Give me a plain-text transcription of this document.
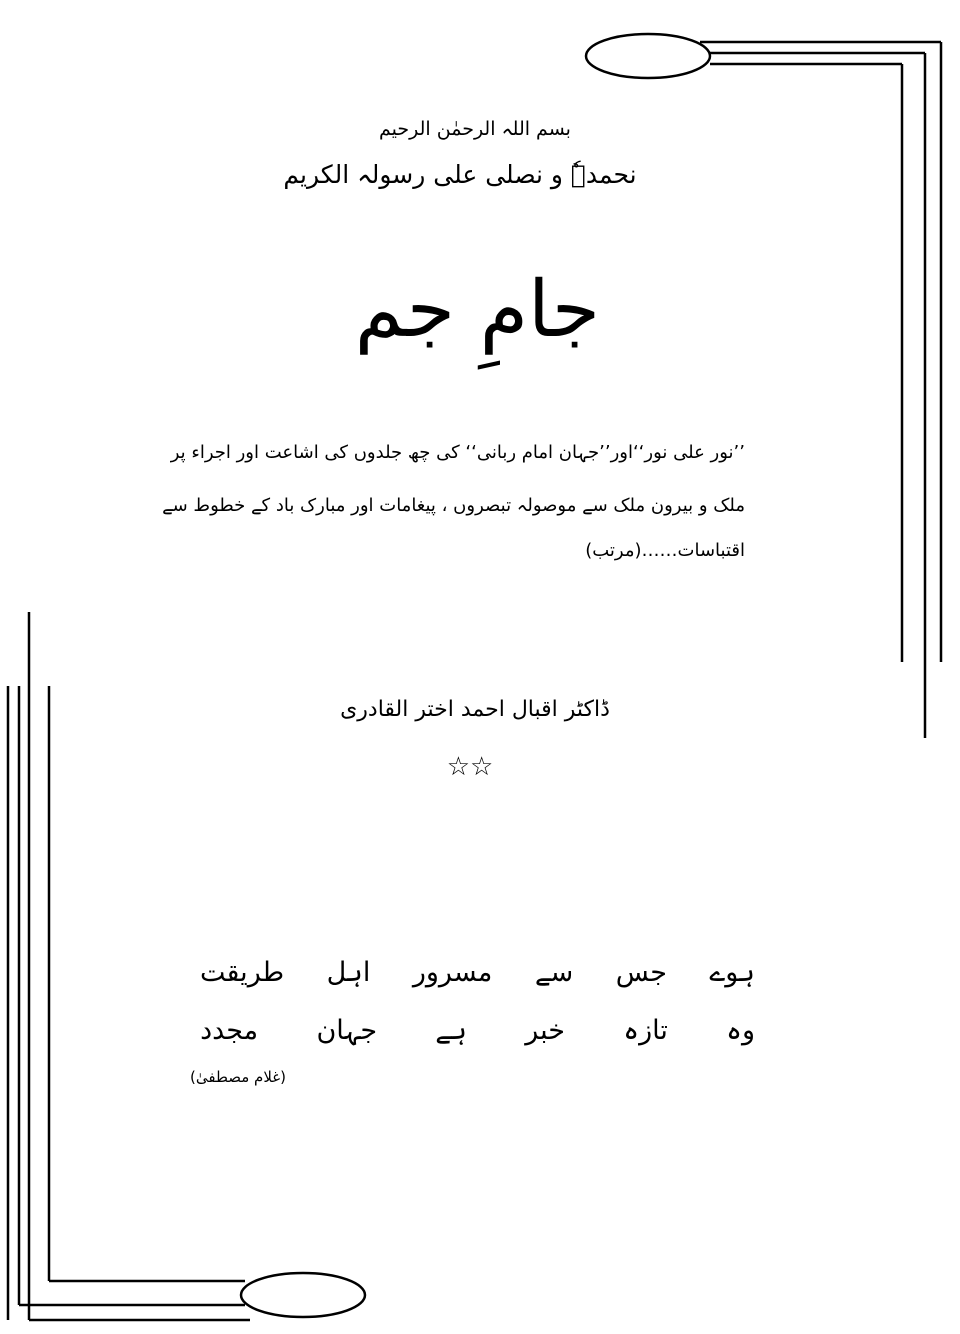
بسم اللہ الرحمٰن الرحیم
نحمدہٗ و نصلی علی رسولہ الکریم
جامِ جم
’’نور علی نور‘‘اور’’جہان امام ربانی‘‘ کی چھ جلدوں کی اشاعت اور اجراء پر
ملک و بیرون ملک سے موصولہ تبصروں ، پیغامات اور مبارک باد کے خطوط سے
اقتباسات……(مرتب)
ڈاکٹر اقبال احمد اختر القادری
☆☆
ہوے
جس
سے
مسرور
اہل
طریقت
وہ
تازہ
خبر
ہے
جہان
مجدد
(غلام مصطفیٰ)
